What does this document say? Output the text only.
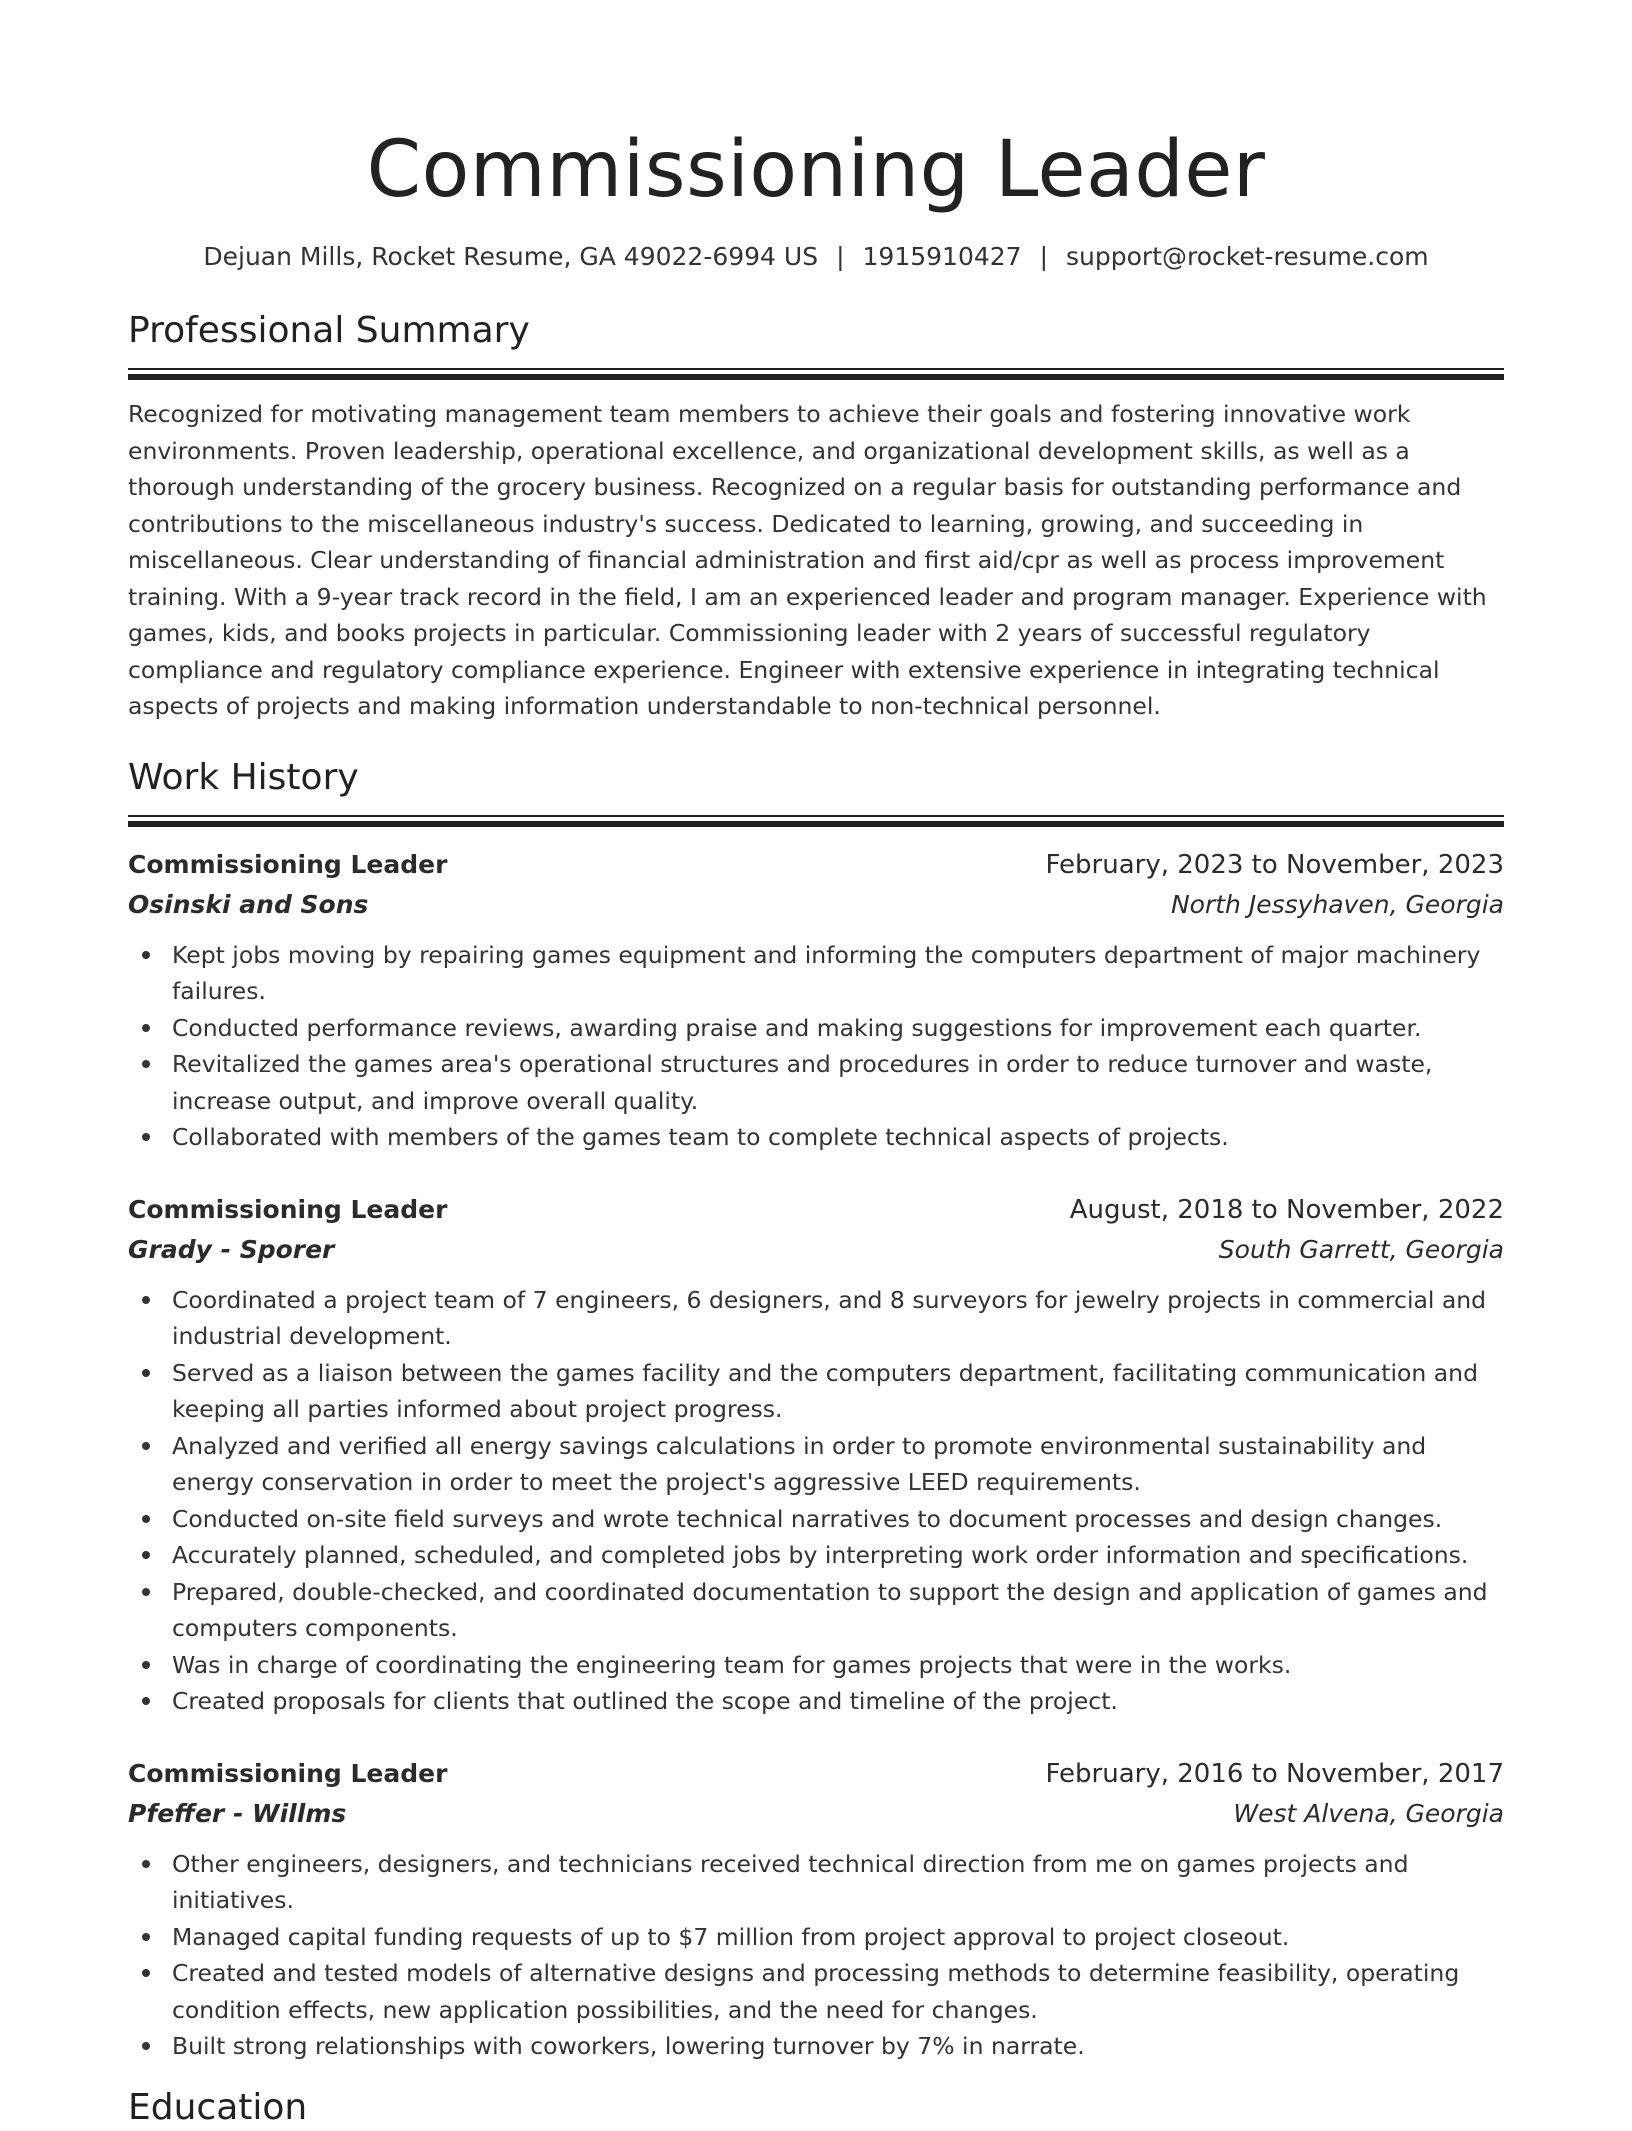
Commissioning Leader
Dejuan Mills, Rocket Resume, GA 49022-6994 US | 1915910427 | support@rocket-resume.com
Professional Summary
Recognized for motivating management team members to achieve their goals and fostering innovative work environments. Proven leadership, operational excellence, and organizational development skills, as well as a thorough understanding of the grocery business. Recognized on a regular basis for outstanding performance and contributions to the miscellaneous industry's success. Dedicated to learning, growing, and succeeding in miscellaneous. Clear understanding of financial administration and first aid/cpr as well as process improvement training. With a 9-year track record in the field, I am an experienced leader and program manager. Experience with games, kids, and books projects in particular. Commissioning leader with 2 years of successful regulatory compliance and regulatory compliance experience. Engineer with extensive experience in integrating technical aspects of projects and making information understandable to non-technical personnel.
Work History
Commissioning Leader	February, 2023 to November, 2023
Osinski and Sons	North Jessyhaven, Georgia
Kept jobs moving by repairing games equipment and informing the computers department of major machinery failures.
Conducted performance reviews, awarding praise and making suggestions for improvement each quarter.
Revitalized the games area's operational structures and procedures in order to reduce turnover and waste, increase output, and improve overall quality.
Collaborated with members of the games team to complete technical aspects of projects.
Commissioning Leader	August, 2018 to November, 2022
Grady - Sporer	South Garrett, Georgia
Coordinated a project team of 7 engineers, 6 designers, and 8 surveyors for jewelry projects in commercial and industrial development.
Served as a liaison between the games facility and the computers department, facilitating communication and keeping all parties informed about project progress.
Analyzed and verified all energy savings calculations in order to promote environmental sustainability and energy conservation in order to meet the project's aggressive LEED requirements.
Conducted on-site field surveys and wrote technical narratives to document processes and design changes.
Accurately planned, scheduled, and completed jobs by interpreting work order information and specifications.
Prepared, double-checked, and coordinated documentation to support the design and application of games and computers components.
Was in charge of coordinating the engineering team for games projects that were in the works.
Created proposals for clients that outlined the scope and timeline of the project.
Commissioning Leader	February, 2016 to November, 2017
Pfeffer - Willms	West Alvena, Georgia
Other engineers, designers, and technicians received technical direction from me on games projects and initiatives.
Managed capital funding requests of up to $7 million from project approval to project closeout.
Created and tested models of alternative designs and processing methods to determine feasibility, operating condition effects, new application possibilities, and the need for changes.
Built strong relationships with coworkers, lowering turnover by 7% in narrate.
Education
